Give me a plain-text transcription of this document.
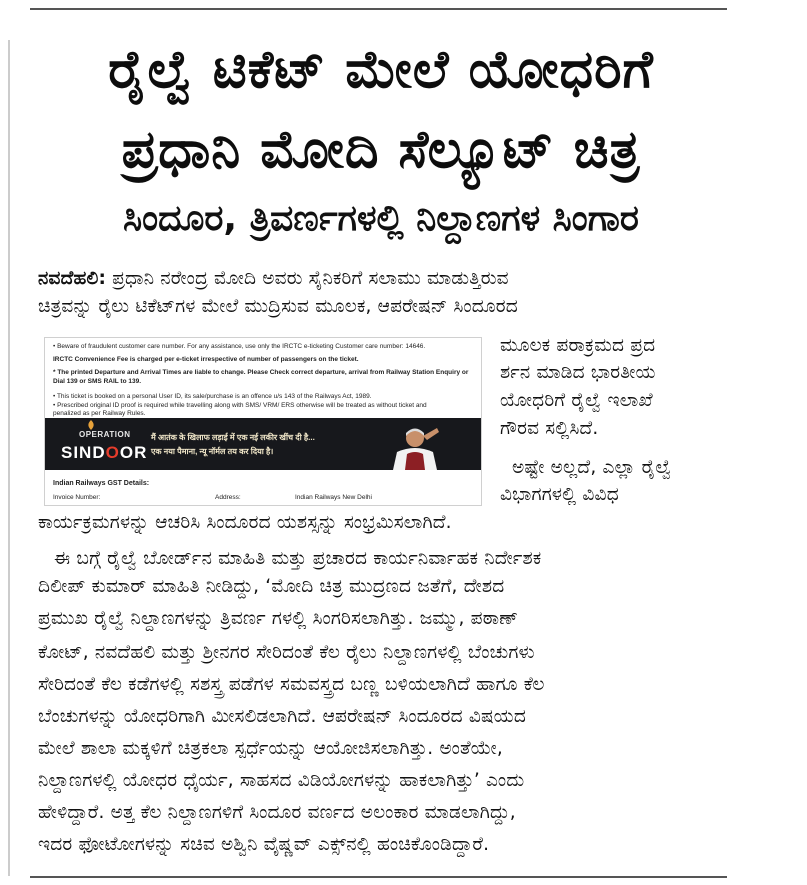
ರೈಲ್ವೆ ಟಿಕೆಟ್ ಮೇಲೆ ಯೋಧರಿಗೆ
ಪ್ರಧಾನಿ ಮೋದಿ ಸೆಲ್ಯೂಟ್ ಚಿತ್ರ
ಸಿಂದೂರ, ತ್ರಿವರ್ಣಗಳಲ್ಲಿ ನಿಲ್ದಾಣಗಳ ಸಿಂಗಾರ
ನವದೆಹಲಿ: ಪ್ರಧಾನಿ ನರೇಂದ್ರ ಮೋದಿ ಅವರು ಸೈನಿಕರಿಗೆ ಸಲಾಮು ಮಾಡುತ್ತಿರುವ
ಚಿತ್ರವನ್ನು ರೈಲು ಟಿಕೆಟ್‌ಗಳ ಮೇಲೆ ಮುದ್ರಿಸುವ ಮೂಲಕ, ಆಪರೇಷನ್ ಸಿಂದೂರದ
ಮೂಲಕ ಪರಾಕ್ರಮದ ಪ್ರದ
ರ್ಶನ ಮಾಡಿದ ಭಾರತೀಯ
ಯೋಧರಿಗೆ ರೈಲ್ವೆ ಇಲಾಖೆ
ಗೌರವ ಸಲ್ಲಿಸಿದೆ.
ಅಷ್ಟೇ ಅಲ್ಲದೆ, ಎಲ್ಲಾ ರೈಲ್ವೆ
ವಿಭಾಗಗಳಲ್ಲಿ ವಿವಿಧ
ಕಾರ್ಯಕ್ರಮಗಳನ್ನು ಆಚರಿಸಿ ಸಿಂದೂರದ ಯಶಸ್ಸನ್ನು ಸಂಭ್ರಮಿಸಲಾಗಿದೆ.
ಈ ಬಗ್ಗೆ ರೈಲ್ವೆ ಬೋರ್ಡ್‌ನ ಮಾಹಿತಿ ಮತ್ತು ಪ್ರಚಾರದ ಕಾರ್ಯನಿರ್ವಾಹಕ ನಿರ್ದೇಶಕ
ದಿಲೀಪ್ ಕುಮಾರ್ ಮಾಹಿತಿ ನೀಡಿದ್ದು, ‘ಮೋದಿ ಚಿತ್ರ ಮುದ್ರಣದ ಜತೆಗೆ, ದೇಶದ
ಪ್ರಮುಖ ರೈಲ್ವೆ ನಿಲ್ದಾಣಗಳನ್ನು ತ್ರಿವರ್ಣ ಗಳಲ್ಲಿ ಸಿಂಗರಿಸಲಾಗಿತ್ತು. ಜಮ್ಮು, ಪಠಾಣ್
ಕೋಟ್, ನವದೆಹಲಿ ಮತ್ತು ಶ್ರೀನಗರ ಸೇರಿದಂತೆ ಕೆಲ ರೈಲು ನಿಲ್ದಾಣಗಳಲ್ಲಿ ಬೆಂಚುಗಳು
ಸೇರಿದಂತೆ ಕೆಲ ಕಡೆಗಳಲ್ಲಿ ಸಶಸ್ತ್ರ ಪಡೆಗಳ ಸಮವಸ್ತ್ರದ ಬಣ್ಣ ಬಳಿಯಲಾಗಿದೆ ಹಾಗೂ ಕೆಲ
ಬೆಂಚುಗಳನ್ನು ಯೋಧರಿಗಾಗಿ ಮೀಸಲಿಡಲಾಗಿದೆ. ಆಪರೇಷನ್ ಸಿಂದೂರದ ವಿಷಯದ
ಮೇಲೆ ಶಾಲಾ ಮಕ್ಕಳಿಗೆ ಚಿತ್ರಕಲಾ ಸ್ಪರ್ಧೆಯನ್ನು ಆಯೋಜಿಸಲಾಗಿತ್ತು. ಅಂತೆಯೇ,
ನಿಲ್ದಾಣಗಳಲ್ಲಿ ಯೋಧರ ಧೈರ್ಯ, ಸಾಹಸದ ವಿಡಿಯೋಗಳನ್ನು ಹಾಕಲಾಗಿತ್ತು’ ಎಂದು
ಹೇಳಿದ್ದಾರೆ. ಅತ್ತ ಕೆಲ ನಿಲ್ದಾಣಗಳಿಗೆ ಸಿಂದೂರ ವರ್ಣದ ಅಲಂಕಾರ ಮಾಡಲಾಗಿದ್ದು,
ಇದರ ಫೋಟೋಗಳನ್ನು ಸಚಿವ ಅಶ್ವಿನಿ ವೈಷ್ಣವ್ ಎಕ್ಸ್‌ನಲ್ಲಿ ಹಂಚಿಕೊಂಡಿದ್ದಾರೆ.
• Beware of fraudulent customer care number. For any assistance, use only the IRCTC e-ticketing Customer care number: 14646.
IRCTC Convenience Fee is charged per e-ticket irrespective of number of passengers on the ticket.
* The printed Departure and Arrival Times are liable to change. Please Check correct departure, arrival from Railway Station Enquiry or
Dial 139 or SMS RAIL to 139.
• This ticket is booked on a personal User ID, its sale/purchase is an offence u/s 143 of the Railways Act, 1989.
• Prescribed original ID proof is required while travelling along with SMS/ VRM/ ERS otherwise will be treated as without ticket and
penalized as per Railway Rules.
OPERATION
SINDOOR
मैं आतंक के खिलाफ लड़ाई में एक नई लकीर खींच दी है...
एक नया पैमाना, न्यू नॉर्मल तय कर दिया है।
Indian Railways GST Details:
Invoice Number:	Address:	Indian Railways New Delhi
